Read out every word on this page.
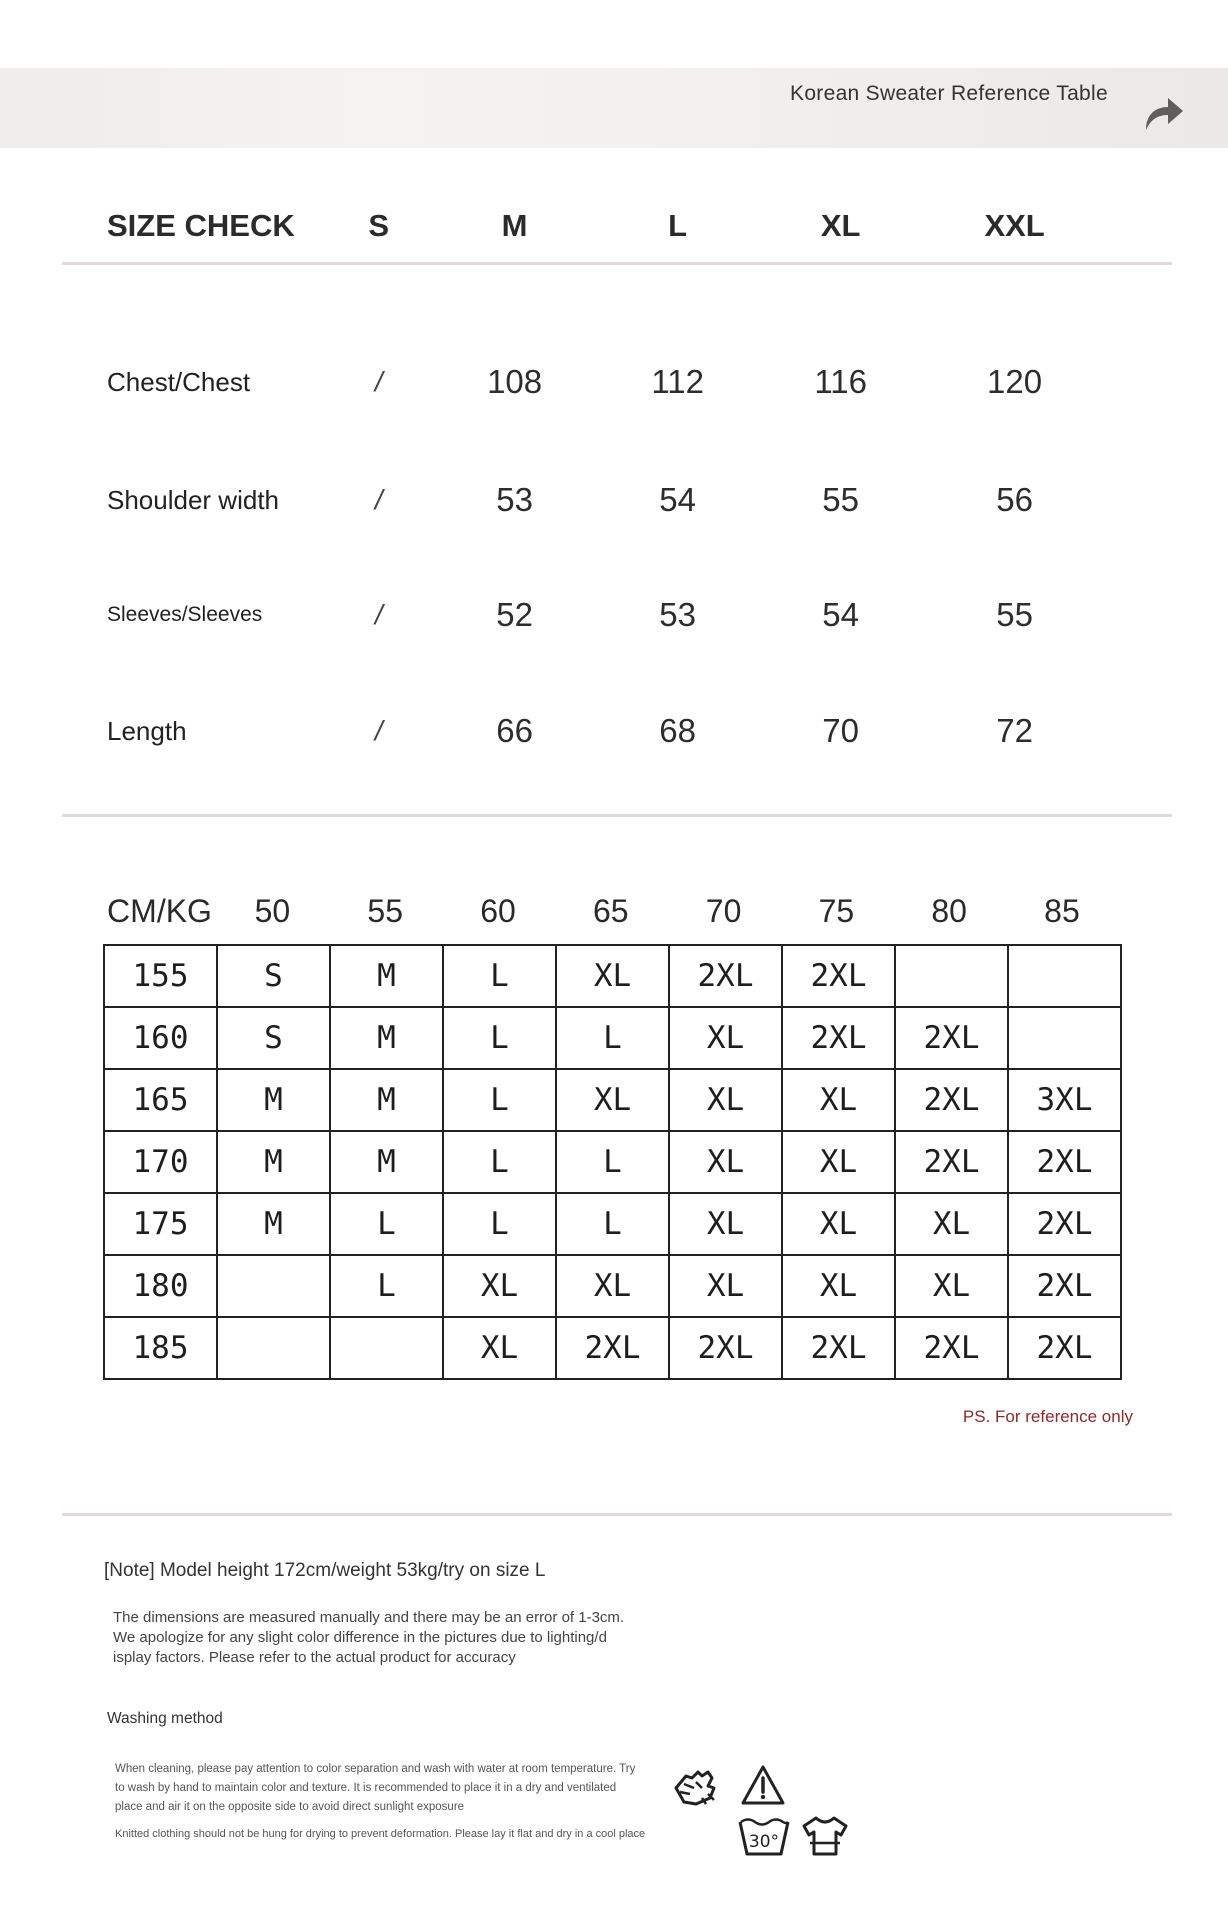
Korean Sweater Reference Table
SIZE CHECK	S	M	L	XL	XXL
Chest/Chest	/	108	112	116	120
Shoulder width	/	53	54	55	56
Sleeves/Sleeves	/	52	53	54	55
Length	/	66	68	70	72
CM/KG	50	55	60	65	70	75	80	85
155	S	M	L	XL	2XL	2XL		
160	S	M	L	L	XL	2XL	2XL	
165	M	M	L	XL	XL	XL	2XL	3XL
170	M	M	L	L	XL	XL	2XL	2XL
175	M	L	L	L	XL	XL	XL	2XL
180		L	XL	XL	XL	XL	XL	2XL
185			XL	2XL	2XL	2XL	2XL	2XL
PS. For reference only
[Note] Model height 172cm/weight 53kg/try on size L
The dimensions are measured manually and there may be an error of 1-3cm.
We apologize for any slight color difference in the pictures due to lighting/d
isplay factors. Please refer to the actual product for accuracy
Washing method
When cleaning, please pay attention to color separation and wash with water at room temperature. Try
to wash by hand to maintain color and texture. It is recommended to place it in a dry and ventilated
place and air it on the opposite side to avoid direct sunlight exposure
Knitted clothing should not be hung for drying to prevent deformation. Please lay it flat and dry in a cool place	30°
